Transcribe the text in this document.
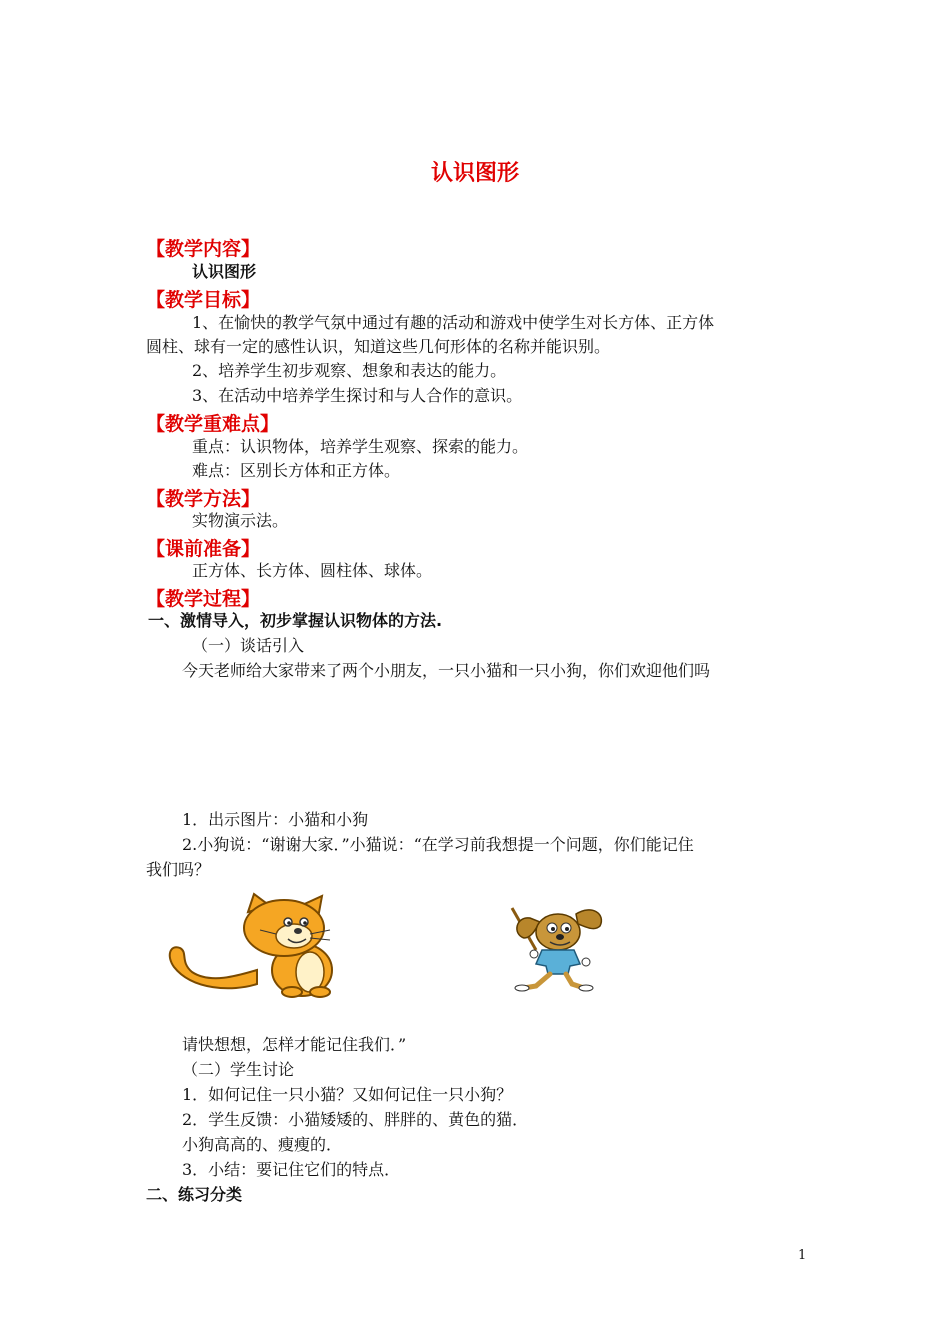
认识图形
【教学内容】
认识图形
【教学目标】
1、在愉快的教学气氛中通过有趣的活动和游戏中使学生对长方体、正方体
圆柱、球有一定的感性认识，知道这些几何形体的名称并能识别。
2、培养学生初步观察、想象和表达的能力。
3、在活动中培养学生探讨和与人合作的意识。
【教学重难点】
重点：认识物体，培养学生观察、探索的能力。
难点：区别长方体和正方体。
【教学方法】
实物演示法。
【课前准备】
正方体、长方体、圆柱体、球体。
【教学过程】
一、激情导入，初步掌握认识物体的方法.
（一）谈话引入
今天老师给大家带来了两个小朋友，一只小猫和一只小狗，你们欢迎他们吗
1．出示图片：小猫和小狗
2.小狗说：“谢谢大家．”小猫说：“在学习前我想提一个问题，你们能记住
我们吗？
请快想想，怎样才能记住我们．”
（二）学生讨论
1．如何记住一只小猫？又如何记住一只小狗？
2．学生反馈：小猫矮矮的、胖胖的、黄色的猫．
小狗高高的、瘦瘦的．
3．小结：要记住它们的特点．
二、练习分类
1
